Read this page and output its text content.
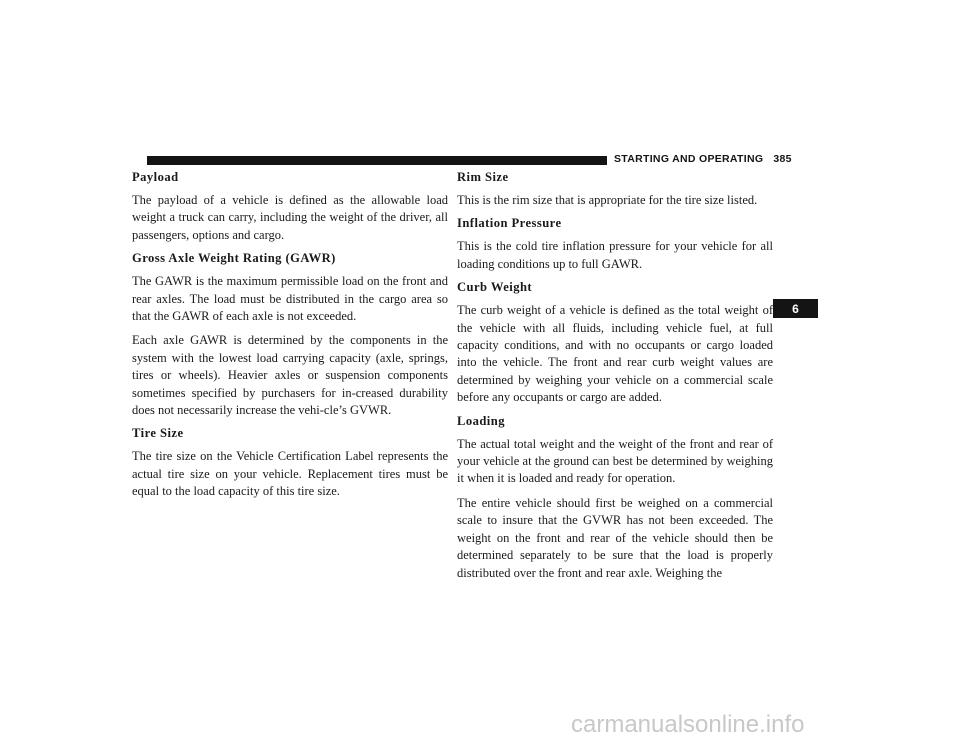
STARTING AND OPERATING 385
6
Payload

The payload of a vehicle is defined as the allowable load weight a truck can carry, including the weight of the driver, all passengers, options and cargo.

Gross Axle Weight Rating (GAWR)

The GAWR is the maximum permissible load on the front and rear axles. The load must be distributed in the cargo area so that the GAWR of each axle is not exceeded.

Each axle GAWR is determined by the components in the system with the lowest load carrying capacity (axle, springs, tires or wheels). Heavier axles or suspension components sometimes specified by purchasers for in-creased durability does not necessarily increase the vehi-cle’s GVWR.

Tire Size

The tire size on the Vehicle Certification Label represents the actual tire size on your vehicle. Replacement tires must be equal to the load capacity of this tire size.

Rim Size

This is the rim size that is appropriate for the tire size listed.

Inflation Pressure

This is the cold tire inflation pressure for your vehicle for all loading conditions up to full GAWR.

Curb Weight

The curb weight of a vehicle is defined as the total weight of the vehicle with all fluids, including vehicle fuel, at full capacity conditions, and with no occupants or cargo loaded into the vehicle. The front and rear curb weight values are determined by weighing your vehicle on a commercial scale before any occupants or cargo are added.

Loading

The actual total weight and the weight of the front and rear of your vehicle at the ground can best be determined by weighing it when it is loaded and ready for operation.

The entire vehicle should first be weighed on a commercial scale to insure that the GVWR has not been exceeded. The weight on the front and rear of the vehicle should then be determined separately to be sure that the load is properly distributed over the front and rear axle. Weighing the

carmanualsonline.info
